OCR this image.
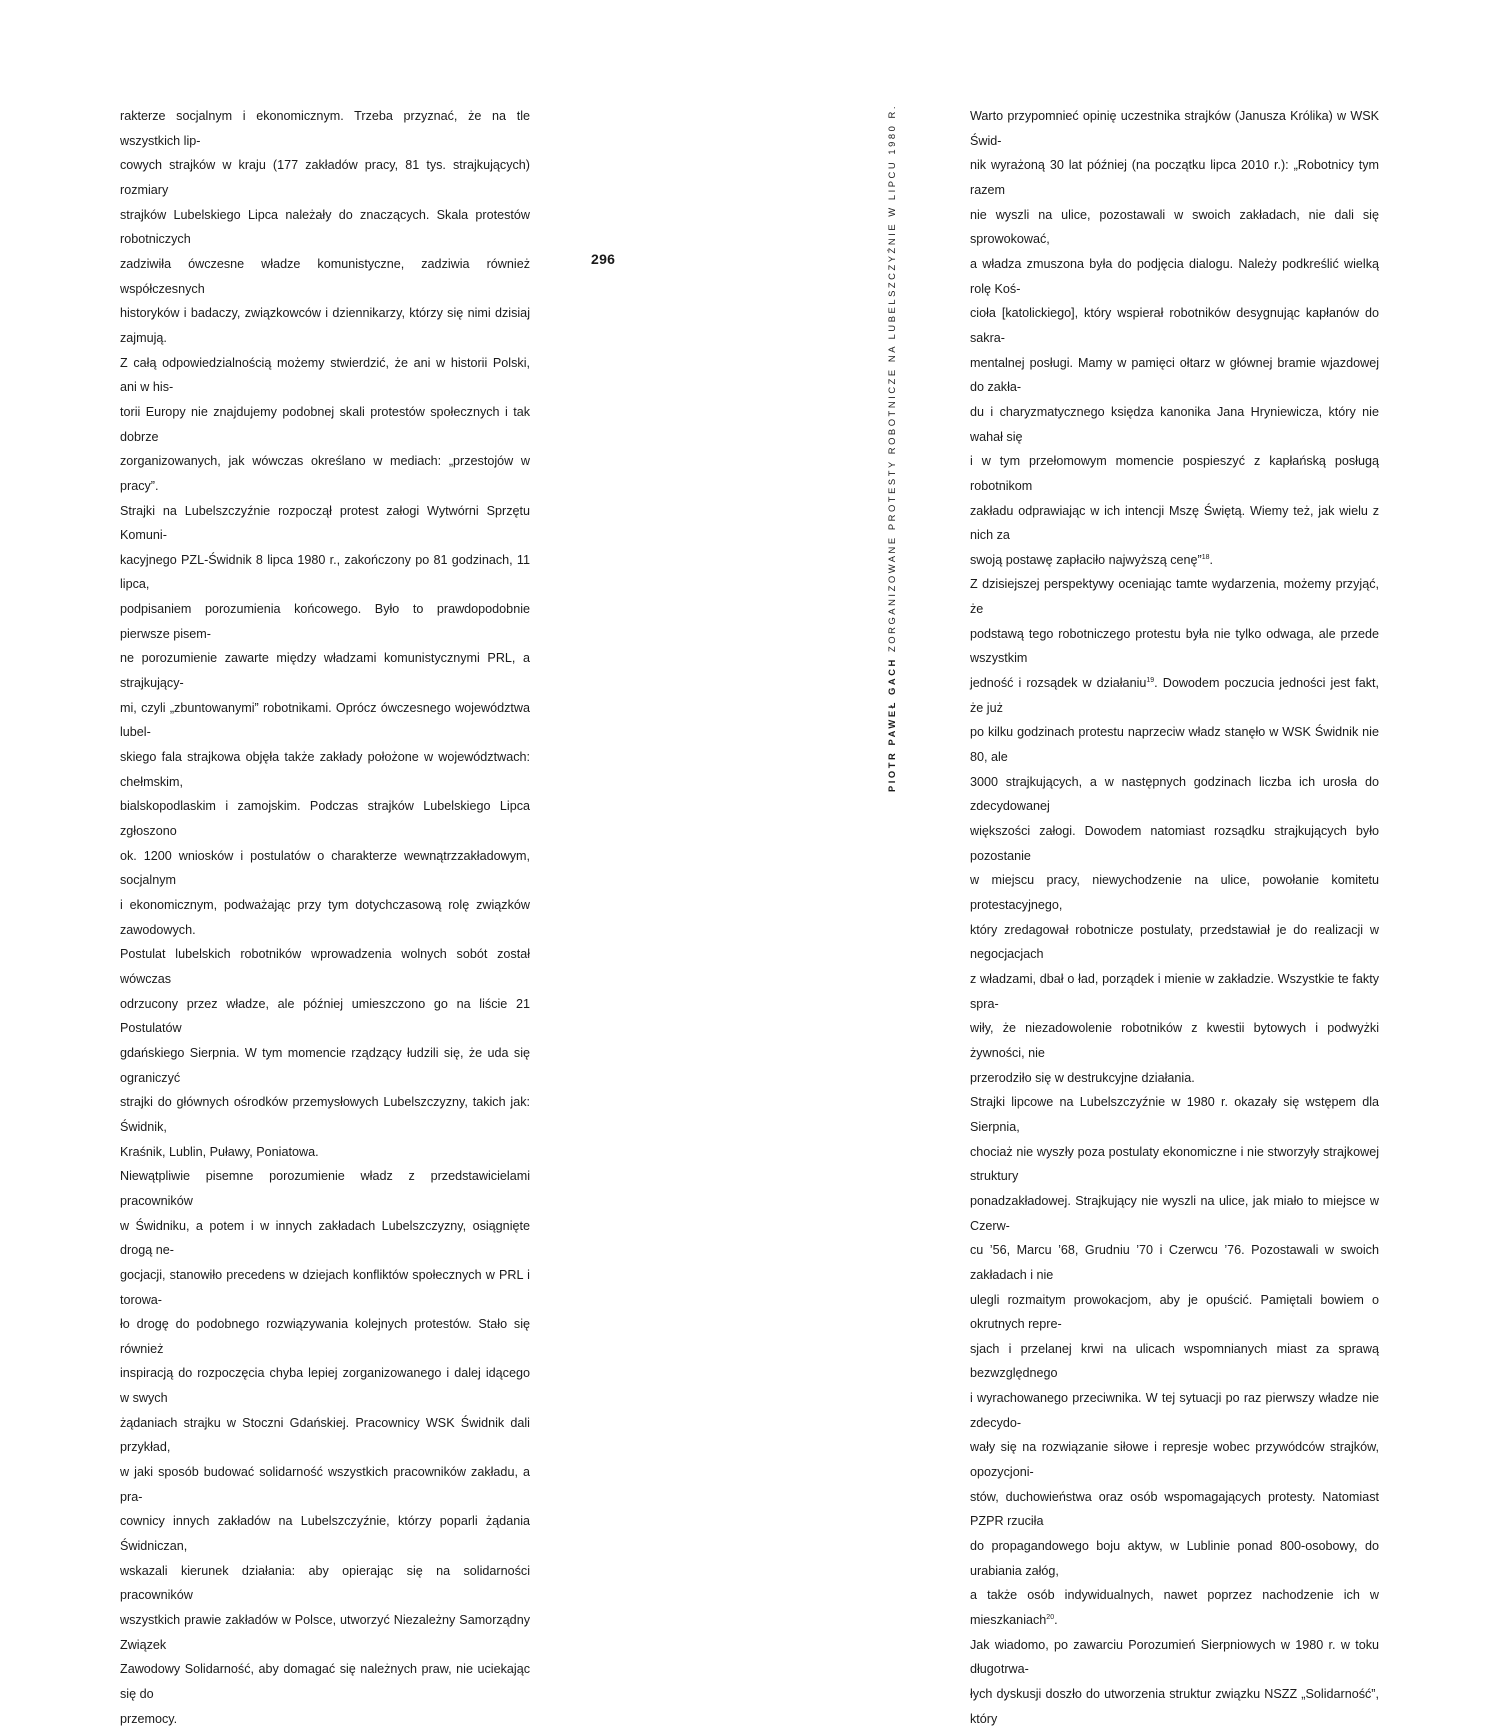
rakterze socjalnym i ekonomicznym. Trzeba przyznać, że na tle wszystkich lip-
cowych strajków w kraju (177 zakładów pracy, 81 tys. strajkujących) rozmiary
strajków Lubelskiego Lipca należały do znaczących. Skala protestów robotniczych
zadziwiła ówczesne władze komunistyczne, zadziwia również współczesnych
historyków i badaczy, związkowców i dziennikarzy, którzy się nimi dzisiaj zajmują.
Z całą odpowiedzialnością możemy stwierdzić, że ani w historii Polski, ani w his-
torii Europy nie znajdujemy podobnej skali protestów społecznych i tak dobrze
zorganizowanych, jak wówczas określano w mediach: „przestojów w pracy”.

Strajki na Lubelszczyźnie rozpoczął protest załogi Wytwórni Sprzętu Komuni-
kacyjnego PZL-Świdnik 8 lipca 1980 r., zakończony po 81 godzinach, 11 lipca,
podpisaniem porozumienia końcowego. Było to prawdopodobnie pierwsze pisem-
ne porozumienie zawarte między władzami komunistycznymi PRL, a strajkujący-
mi, czyli „zbuntowanymi” robotnikami. Oprócz ówczesnego województwa lubel-
skiego fala strajkowa objęła także zakłady położone w województwach: chełmskim,
bialskopodlaskim i zamojskim. Podczas strajków Lubelskiego Lipca zgłoszono
ok. 1200 wniosków i postulatów o charakterze wewnątrzzakładowym, socjalnym
i ekonomicznym, podważając przy tym dotychczasową rolę związków zawodowych.
Postulat lubelskich robotników wprowadzenia wolnych sobót został wówczas
odrzucony przez władze, ale później umieszczono go na liście 21 Postulatów
gdańskiego Sierpnia. W tym momencie rządzący łudzili się, że uda się ograniczyć
strajki do głównych ośrodków przemysłowych Lubelszczyzny, takich jak: Świdnik,
Kraśnik, Lublin, Puławy, Poniatowa.

Niewątpliwie pisemne porozumienie władz z przedstawicielami pracowników
w Świdniku, a potem i w innych zakładach Lubelszczyzny, osiągnięte drogą ne-
gocjacji, stanowiło precedens w dziejach konfliktów społecznych w PRL i torowa-
ło drogę do podobnego rozwiązywania kolejnych protestów. Stało się również
inspiracją do rozpoczęcia chyba lepiej zorganizowanego i dalej idącego w swych
żądaniach strajku w Stoczni Gdańskiej. Pracownicy WSK Świdnik dali przykład,
w jaki sposób budować solidarność wszystkich pracowników zakładu, a pra-
cownicy innych zakładów na Lubelszczyźnie, którzy poparli żądania Świdniczan,
wskazali kierunek działania: aby opierając się na solidarności pracowników
wszystkich prawie zakładów w Polsce, utworzyć Niezależny Samorządny Związek
Zawodowy Solidarność, aby domagać się należnych praw, nie uciekając się do
przemocy.

296
PIOTR PAWEŁ GACH ZORGANIZOWANE PROTESTY ROBOTNICZE NA LUBELSZCZYŹNIE W LIPCU 1980 R.	Warto przypomnieć opinię uczestnika strajków (Janusza Królika) w WSK Świd-
nik wyrażoną 30 lat później (na początku lipca 2010 r.): „Robotnicy tym razem
nie wyszli na ulice, pozostawali w swoich zakładach, nie dali się sprowokować,
a władza zmuszona była do podjęcia dialogu. Należy podkreślić wielką rolę Koś-
cioła [katolickiego], który wspierał robotników desygnując kapłanów do sakra-
mentalnej posługi. Mamy w pamięci ołtarz w głównej bramie wjazdowej do zakła-
du i charyzmatycznego księdza kanonika Jana Hryniewicza, który nie wahał się
i w tym przełomowym momencie pospieszyć z kapłańską posługą robotnikom
zakładu odprawiając w ich intencji Mszę Świętą. Wiemy też, jak wielu z nich za
swoją postawę zapłaciło najwyższą cenę”$^{18}$.

Z dzisiejszej perspektywy oceniając tamte wydarzenia, możemy przyjąć, że
podstawą tego robotniczego protestu była nie tylko odwaga, ale przede wszystkim
jedność i rozsądek w działaniu$^{19}$. Dowodem poczucia jedności jest fakt, że już
po kilku godzinach protestu naprzeciw władz stanęło w WSK Świdnik nie 80, ale
3000 strajkujących, a w następnych godzinach liczba ich urosła do zdecydowanej
większości załogi. Dowodem natomiast rozsądku strajkujących było pozostanie
w miejscu pracy, niewychodzenie na ulice, powołanie komitetu protestacyjnego,
który zredagował robotnicze postulaty, przedstawiał je do realizacji w negocjacjach
z władzami, dbał o ład, porządek i mienie w zakładzie. Wszystkie te fakty spra-
wiły, że niezadowolenie robotników z kwestii bytowych i podwyżki żywności, nie
przerodziło się w destrukcyjne działania.

Strajki lipcowe na Lubelszczyźnie w 1980 r. okazały się wstępem dla Sierpnia,
chociaż nie wyszły poza postulaty ekonomiczne i nie stworzyły strajkowej struktury
ponadzakładowej. Strajkujący nie wyszli na ulice, jak miało to miejsce w Czerw-
cu ’56, Marcu ’68, Grudniu ’70 i Czerwcu ’76. Pozostawali w swoich zakładach i nie
ulegli rozmaitym prowokacjom, aby je opuścić. Pamiętali bowiem o okrutnych repre-
sjach i przelanej krwi na ulicach wspomnianych miast za sprawą bezwzględnego
i wyrachowanego przeciwnika. W tej sytuacji po raz pierwszy władze nie zdecydo-
wały się na rozwiązanie siłowe i represje wobec przywódców strajków, opozycjoni-
stów, duchowieństwa oraz osób wspomagających protesty. Natomiast PZPR rzuciła
do propagandowego boju aktyw, w Lublinie ponad 800-osobowy, do urabiania załóg,
a także osób indywidualnych, nawet poprzez nachodzenie ich w mieszkaniach$^{20}$.

Jak wiadomo, po zawarciu Porozumień Sierpniowych w 1980 r. w toku długotrwa-
łych dyskusji doszło do utworzenia struktur związku NSZZ „Solidarność”, który
